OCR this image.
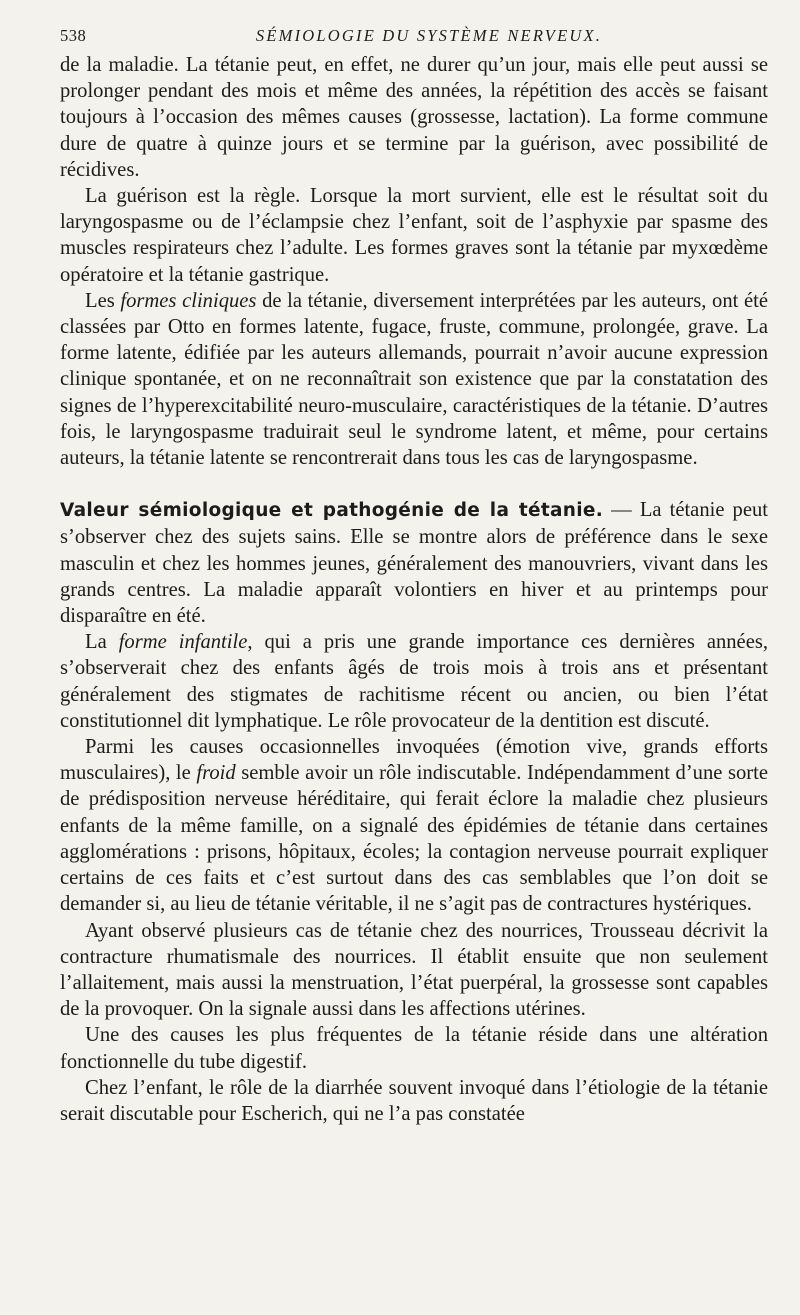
538	SÉMIOLOGIE DU SYSTÈME NERVEUX.

de la maladie. La tétanie peut, en effet, ne durer qu’un jour, mais elle peut aussi se prolonger pendant des mois et même des années, la répétition des accès se faisant toujours à l’occasion des mêmes causes (grossesse, lactation). La forme commune dure de quatre à quinze jours et se termine par la guérison, avec possibilité de récidives.

La guérison est la règle. Lorsque la mort survient, elle est le résultat soit du laryngospasme ou de l’éclampsie chez l’enfant, soit de l’asphyxie par spasme des muscles respirateurs chez l’adulte. Les formes graves sont la tétanie par myxœdème opératoire et la tétanie gastrique.

Les formes cliniques de la tétanie, diversement interprétées par les auteurs, ont été classées par Otto en formes latente, fugace, fruste, commune, prolongée, grave. La forme latente, édifiée par les auteurs allemands, pourrait n’avoir aucune expression clinique spontanée, et on ne reconnaîtrait son existence que par la constatation des signes de l’hyperexcitabilité neuro-musculaire, caractéristiques de la tétanie. D’autres fois, le laryngospasme traduirait seul le syndrome latent, et même, pour certains auteurs, la tétanie latente se rencontrerait dans tous les cas de laryngospasme.

Valeur sémiologique et pathogénie de la tétanie. — La tétanie peut s’observer chez des sujets sains. Elle se montre alors de préférence dans le sexe masculin et chez les hommes jeunes, généralement des manouvriers, vivant dans les grands centres. La maladie apparaît volontiers en hiver et au printemps pour disparaître en été.

La forme infantile, qui a pris une grande importance ces dernières années, s’observerait chez des enfants âgés de trois mois à trois ans et présentant généralement des stigmates de rachitisme récent ou ancien, ou bien l’état constitutionnel dit lymphatique. Le rôle provocateur de la dentition est discuté.

Parmi les causes occasionnelles invoquées (émotion vive, grands efforts musculaires), le froid semble avoir un rôle indiscutable. Indépendamment d’une sorte de prédisposition nerveuse héréditaire, qui ferait éclore la maladie chez plusieurs enfants de la même famille, on a signalé des épidémies de tétanie dans certaines agglomérations : prisons, hôpitaux, écoles; la contagion nerveuse pourrait expliquer certains de ces faits et c’est surtout dans des cas semblables que l’on doit se demander si, au lieu de tétanie véritable, il ne s’agit pas de contractures hystériques.

Ayant observé plusieurs cas de tétanie chez des nourrices, Trousseau décrivit la contracture rhumatismale des nourrices. Il établit ensuite que non seulement l’allaitement, mais aussi la menstruation, l’état puerpéral, la grossesse sont capables de la provoquer. On la signale aussi dans les affections utérines.

Une des causes les plus fréquentes de la tétanie réside dans une altération fonctionnelle du tube digestif.

Chez l’enfant, le rôle de la diarrhée souvent invoqué dans l’étiologie de la tétanie serait discutable pour Escherich, qui ne l’a pas constatée
